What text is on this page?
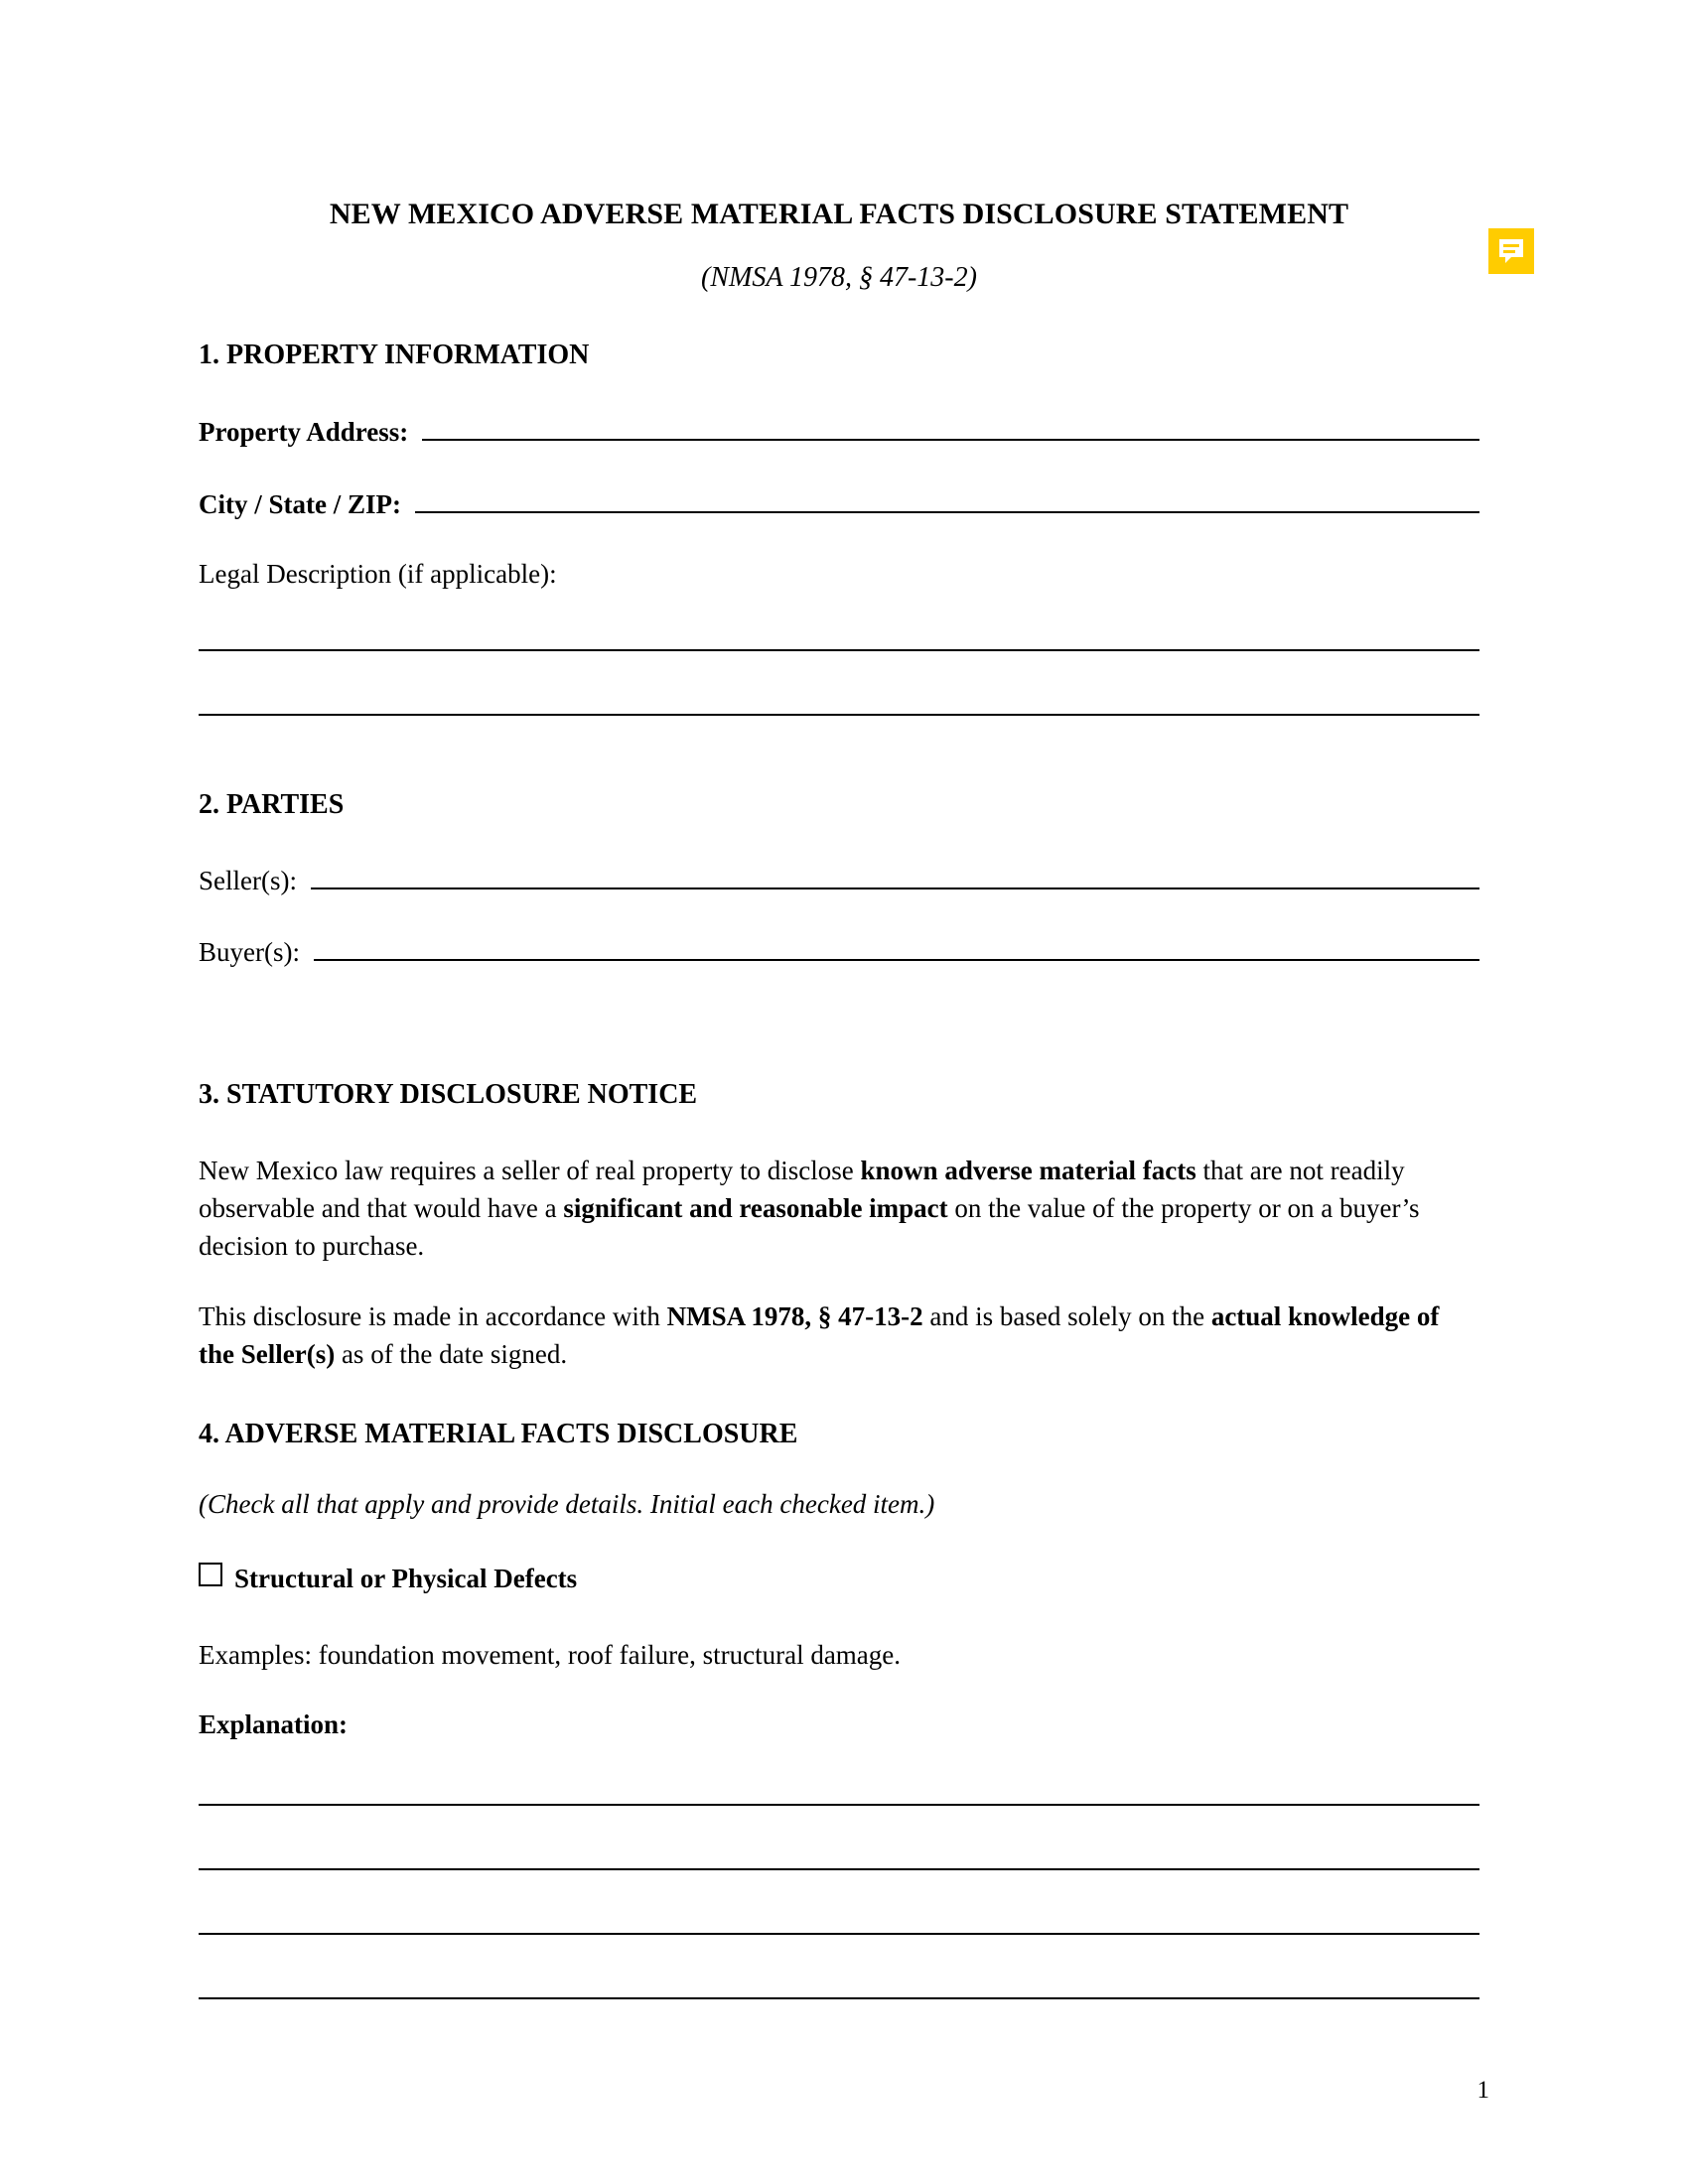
NEW MEXICO ADVERSE MATERIAL FACTS DISCLOSURE STATEMENT

(NMSA 1978, § 47-13-2)

1. PROPERTY INFORMATION
Property Address:
City / State / ZIP:

Legal Description (if applicable):

2. PARTIES
Seller(s):
Buyer(s):
3. STATUTORY DISCLOSURE NOTICE

New Mexico law requires a seller of real property to disclose known adverse material facts that are not readily observable and that would have a significant and reasonable impact on the value of the property or on a buyer’s decision to purchase.

This disclosure is made in accordance with NMSA 1978, § 47-13-2 and is based solely on the actual knowledge of the Seller(s) as of the date signed.

4. ADVERSE MATERIAL FACTS DISCLOSURE

(Check all that apply and provide details. Initial each checked item.)

Structural or Physical Defects

Examples: foundation movement, roof failure, structural damage.

Explanation:

1
